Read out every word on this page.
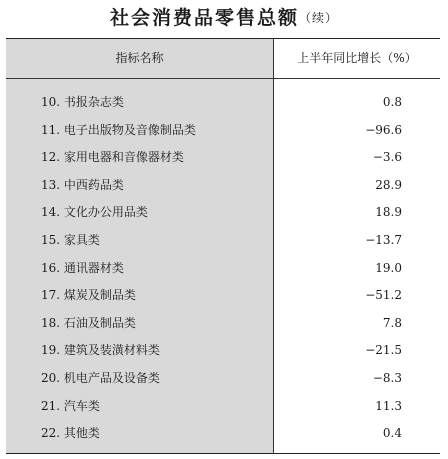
社会消费品零售总额（续）
指标名称	上半年同比增长（%）
10. 书报杂志类	0.8
11. 电子出版物及音像制品类	−96.6
12. 家用电器和音像器材类	−3.6
13. 中西药品类	28.9
14. 文化办公用品类	18.9
15. 家具类	−13.7
16. 通讯器材类	19.0
17. 煤炭及制品类	−51.2
18. 石油及制品类	7.8
19. 建筑及装潢材料类	−21.5
20. 机电产品及设备类	−8.3
21. 汽车类	11.3
22. 其他类	0.4
